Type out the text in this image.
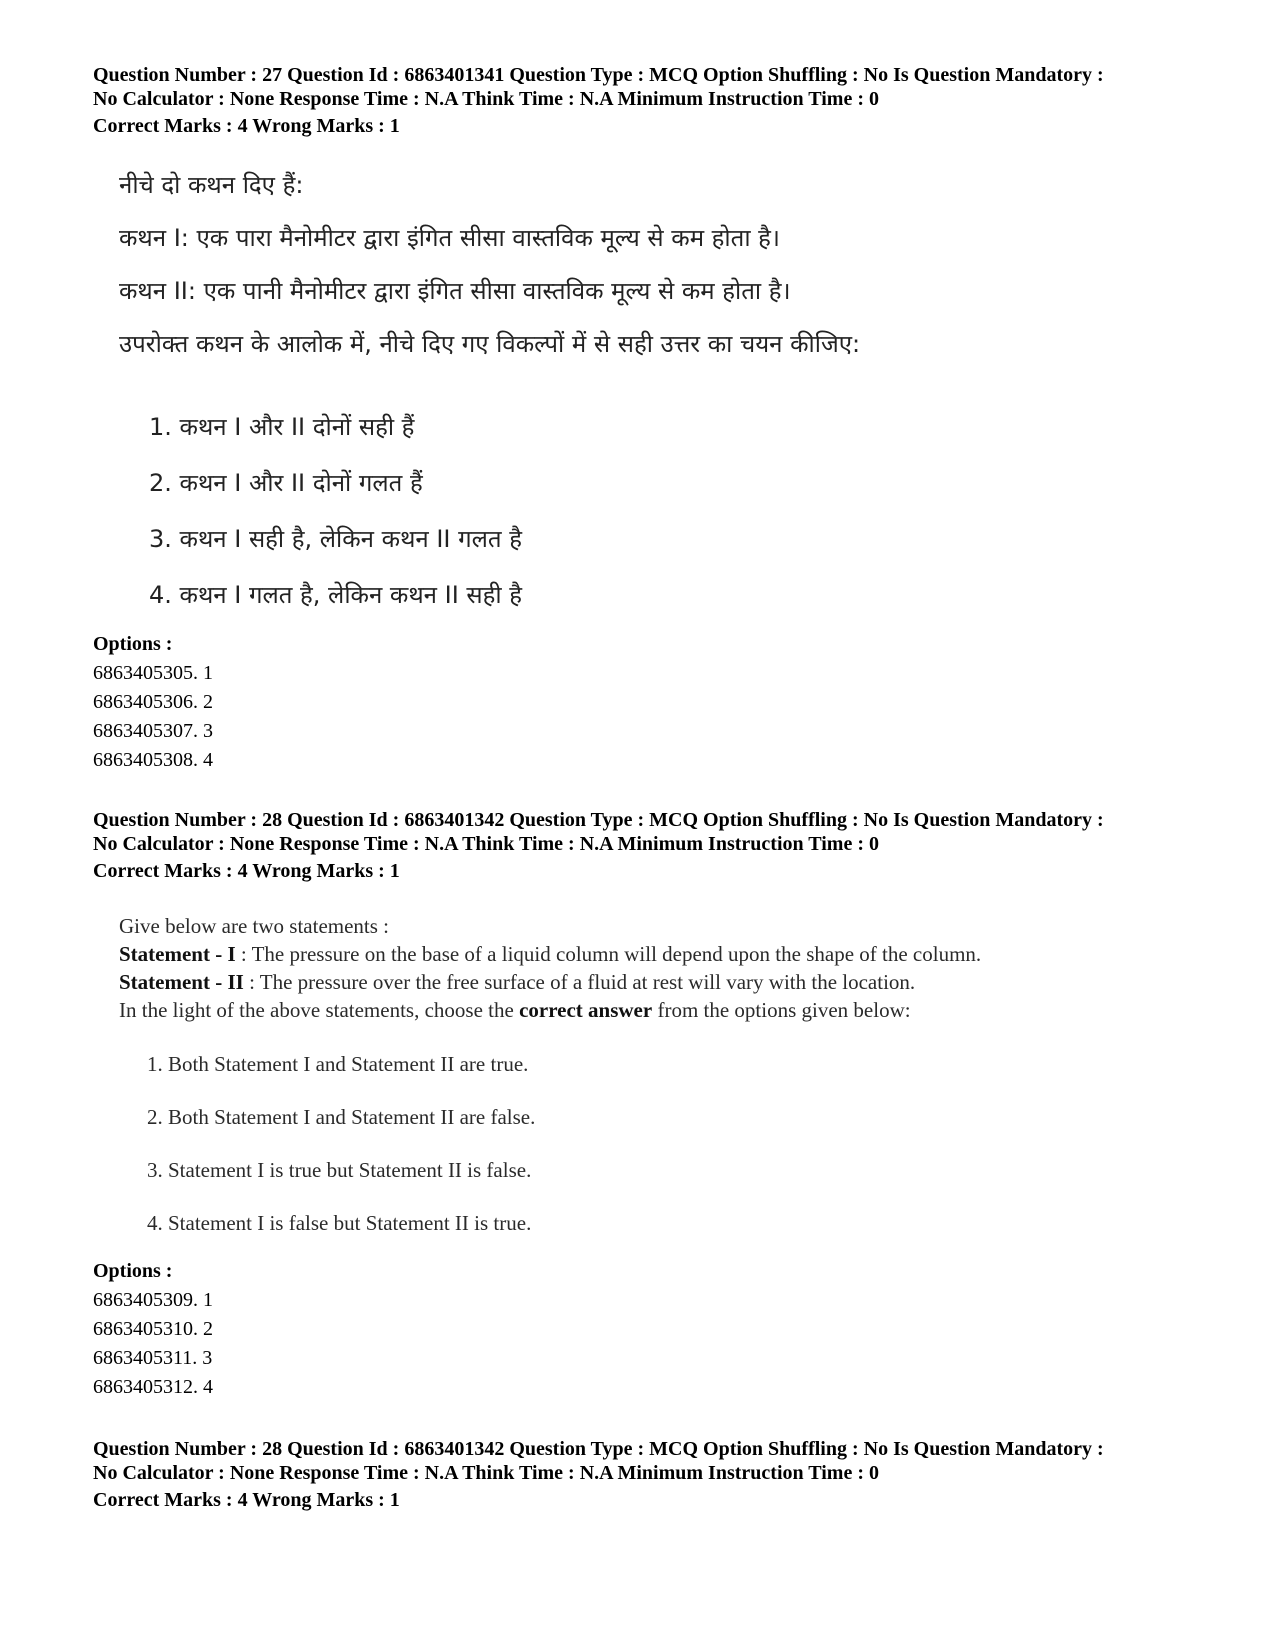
Question Number : 27 Question Id : 6863401341 Question Type : MCQ Option Shuffling : No Is Question Mandatory :
No Calculator : None Response Time : N.A Think Time : N.A Minimum Instruction Time : 0
Correct Marks : 4 Wrong Marks : 1
नीचे दो कथन दिए हैं:
कथन I: एक पारा मैनोमीटर द्वारा इंगित सीसा वास्तविक मूल्य से कम होता है।
कथन II: एक पानी मैनोमीटर द्वारा इंगित सीसा वास्तविक मूल्य से कम होता है।
उपरोक्त कथन के आलोक में, नीचे दिए गए विकल्पों में से सही उत्तर का चयन कीजिए:
1. कथन I और II दोनों सही हैं
2. कथन I और II दोनों गलत हैं
3. कथन I सही है, लेकिन कथन II गलत है
4. कथन I गलत है, लेकिन कथन II सही है
Options :
6863405305. 1
6863405306. 2
6863405307. 3
6863405308. 4
Question Number : 28 Question Id : 6863401342 Question Type : MCQ Option Shuffling : No Is Question Mandatory :
No Calculator : None Response Time : N.A Think Time : N.A Minimum Instruction Time : 0
Correct Marks : 4 Wrong Marks : 1
Give below are two statements :
Statement - I : The pressure on the base of a liquid column will depend upon the shape of the column.
Statement - II : The pressure over the free surface of a fluid at rest will vary with the location.
In the light of the above statements, choose the correct answer from the options given below:
1. Both Statement I and Statement II are true.
2. Both Statement I and Statement II are false.
3. Statement I is true but Statement II is false.
4. Statement I is false but Statement II is true.
Options :
6863405309. 1
6863405310. 2
6863405311. 3
6863405312. 4
Question Number : 28 Question Id : 6863401342 Question Type : MCQ Option Shuffling : No Is Question Mandatory :
No Calculator : None Response Time : N.A Think Time : N.A Minimum Instruction Time : 0
Correct Marks : 4 Wrong Marks : 1
